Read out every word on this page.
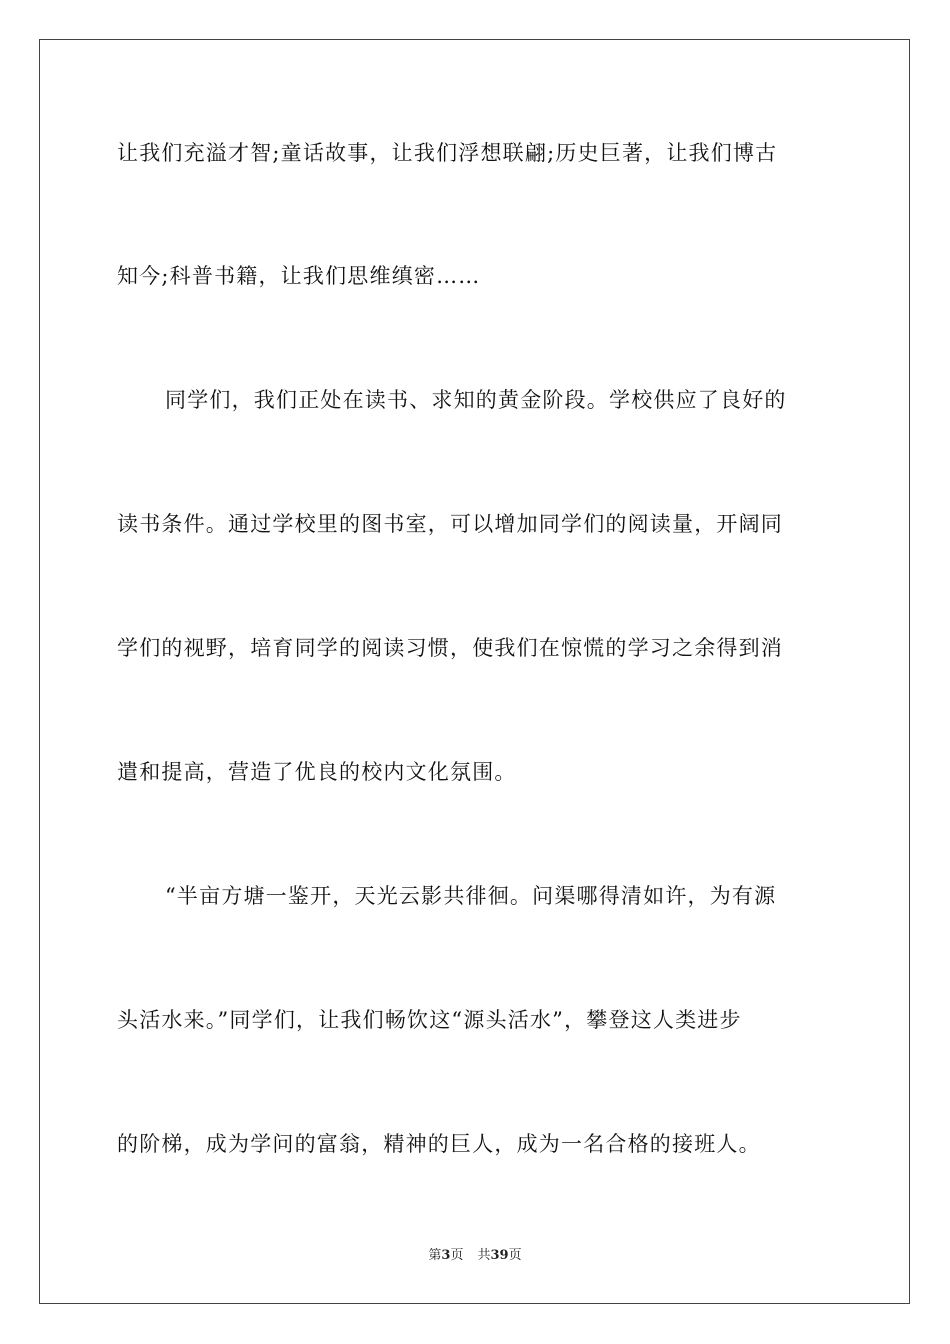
让我们充溢才智;童话故事，让我们浮想联翩;历史巨著，让我们博古
知今;科普书籍，让我们思维缜密……
同学们，我们正处在读书、求知的黄金阶段。学校供应了良好的
读书条件。通过学校里的图书室，可以增加同学们的阅读量，开阔同
学们的视野，培育同学的阅读习惯，使我们在惊慌的学习之余得到消
遣和提高，营造了优良的校内文化氛围。
“半亩方塘一鉴开，天光云影共徘徊。问渠哪得清如许，为有源
头活水来。”同学们，让我们畅饮这“源头活水”，攀登这人类进步
的阶梯，成为学问的富翁，精神的巨人，成为一名合格的接班人。
第3页 共39页
